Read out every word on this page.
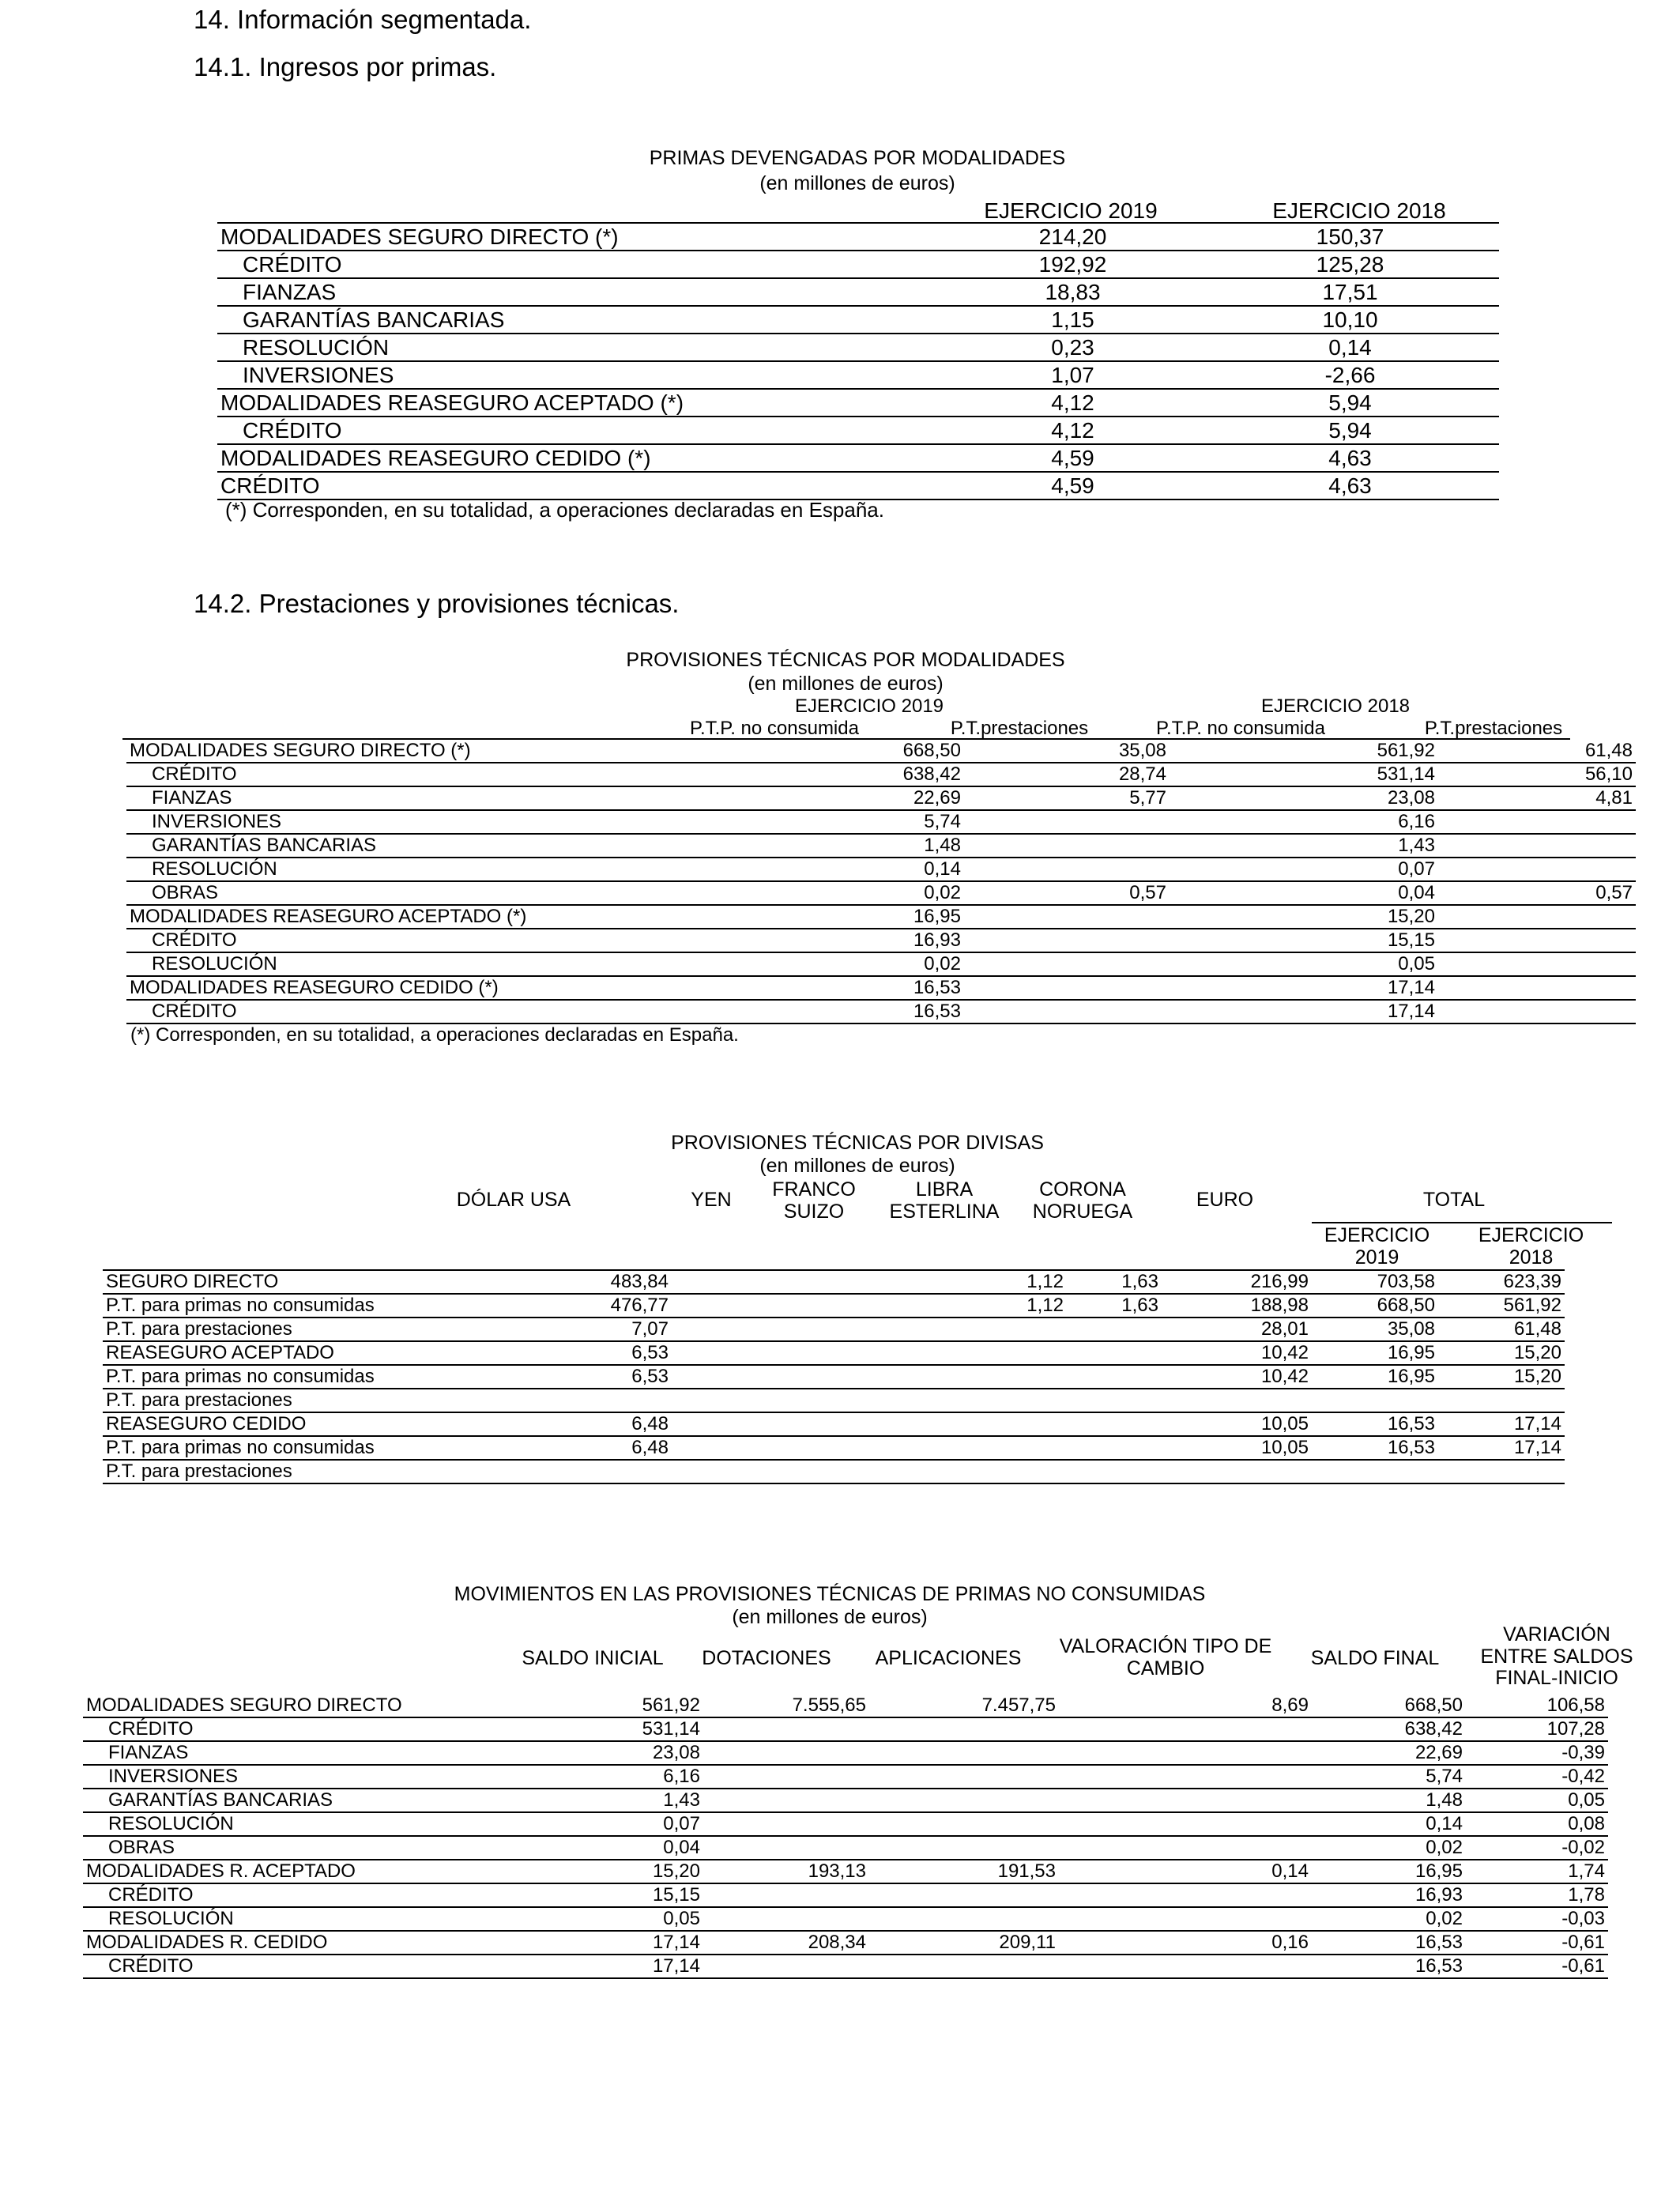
14. Información segmentada.
14.1. Ingresos por primas.
PRIMAS DEVENGADAS POR MODALIDADES
(en millones de euros)
EJERCICIO 2019	EJERCICIO 2018
MODALIDADES SEGURO DIRECTO (*)	214,20	150,37
CRÉDITO	192,92	125,28
FIANZAS	18,83	17,51
GARANTÍAS BANCARIAS	1,15	10,10
RESOLUCIÓN	0,23	0,14
INVERSIONES	1,07	-2,66
MODALIDADES REASEGURO ACEPTADO (*)	4,12	5,94
CRÉDITO	4,12	5,94
MODALIDADES REASEGURO CEDIDO (*)	4,59	4,63
CRÉDITO	4,59	4,63
(*) Corresponden, en su totalidad, a operaciones declaradas en España.
14.2. Prestaciones y provisiones técnicas.
PROVISIONES TÉCNICAS POR MODALIDADES
(en millones de euros)
EJERCICIO 2019	EJERCICIO 2018
P.T.P. no consumida	P.T.prestaciones	P.T.P. no consumida	P.T.prestaciones
MODALIDADES SEGURO DIRECTO (*)	668,50	35,08	561,92	61,48
CRÉDITO	638,42	28,74	531,14	56,10
FIANZAS	22,69	5,77	23,08	4,81
INVERSIONES	5,74		6,16	
GARANTÍAS BANCARIAS	1,48		1,43	
RESOLUCIÓN	0,14		0,07	
OBRAS	0,02	0,57	0,04	0,57
MODALIDADES REASEGURO ACEPTADO (*)	16,95		15,20	
CRÉDITO	16,93		15,15	
RESOLUCIÓN	0,02		0,05	
MODALIDADES REASEGURO CEDIDO (*)	16,53		17,14	
CRÉDITO	16,53		17,14	
(*) Corresponden, en su totalidad, a operaciones declaradas en España.
PROVISIONES TÉCNICAS POR DIVISAS
(en millones de euros)
DÓLAR USA	YEN	FRANCO
SUIZO
LIBRA
ESTERLINA
CORONA
NORUEGA
EURO	TOTAL
EJERCICIO
2019
EJERCICIO
2018
SEGURO DIRECTO	483,84			1,12	1,63	216,99	703,58	623,39
P.T. para primas no consumidas	476,77			1,12	1,63	188,98	668,50	561,92
P.T. para prestaciones	7,07					28,01	35,08	61,48
REASEGURO ACEPTADO	6,53					10,42	16,95	15,20
P.T. para primas no consumidas	6,53					10,42	16,95	15,20
P.T. para prestaciones								
REASEGURO CEDIDO	6,48					10,05	16,53	17,14
P.T. para primas no consumidas	6,48					10,05	16,53	17,14
P.T. para prestaciones								
MOVIMIENTOS EN LAS PROVISIONES TÉCNICAS DE PRIMAS NO CONSUMIDAS
(en millones de euros)
SALDO INICIAL	DOTACIONES	APLICACIONES
VALORACIÓN TIPO DE
CAMBIO	SALDO FINAL
VARIACIÓN
ENTRE SALDOS
FINAL-INICIO
MODALIDADES SEGURO DIRECTO	561,92	7.555,65	7.457,75	8,69	668,50	106,58
CRÉDITO	531,14				638,42	107,28
FIANZAS	23,08				22,69	-0,39
INVERSIONES	6,16				5,74	-0,42
GARANTÍAS BANCARIAS	1,43				1,48	0,05
RESOLUCIÓN	0,07				0,14	0,08
OBRAS	0,04				0,02	-0,02
MODALIDADES R. ACEPTADO	15,20	193,13	191,53	0,14	16,95	1,74
CRÉDITO	15,15				16,93	1,78
RESOLUCIÓN	0,05				0,02	-0,03
MODALIDADES R. CEDIDO	17,14	208,34	209,11	0,16	16,53	-0,61
CRÉDITO	17,14				16,53	-0,61
